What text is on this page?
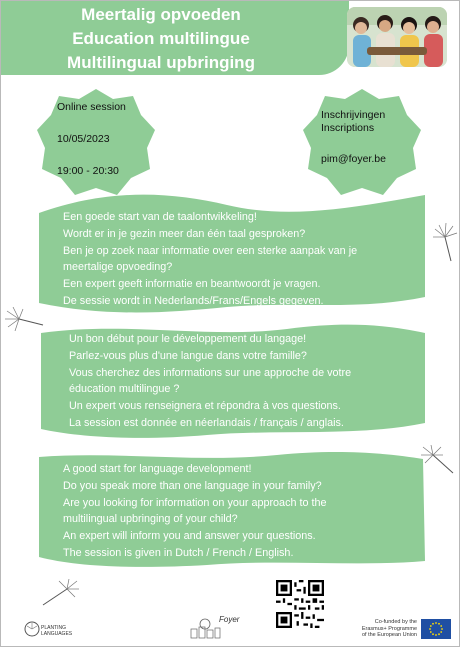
Meertalig opvoeden
Education multilingue
Multilingual upbringing
Online session
10/05/2023
19:00 - 20:30
Inschrijvingen
Inscriptions
pim@foyer.be
Een goede start van de taalontwikkeling!
Wordt er in je gezin meer dan één taal gesproken?
Ben je op zoek naar informatie over een sterke aanpak van je
meertalige opvoeding?
Een expert geeft informatie en beantwoordt je vragen.
De sessie wordt in Nederlands/Frans/Engels gegeven.
Un bon début pour le développement du langage!
Parlez-vous plus d'une langue dans votre famille?
Vous cherchez des informations sur une approche de votre
éducation multilingue ?
Un expert vous renseignera et répondra à vos questions.
La session est donnée en néerlandais / français / anglais.
A good start for language development!
Do you speak more than one language in your family?
Are you looking for information on your approach to the
multilingual upbringing of your child?
An expert will inform you and answer your questions.
The session is given in Dutch / French / English.
PLANTING LANGUAGES
Foyer	Co-funded by the
Erasmus+ Programme
of the European Union
